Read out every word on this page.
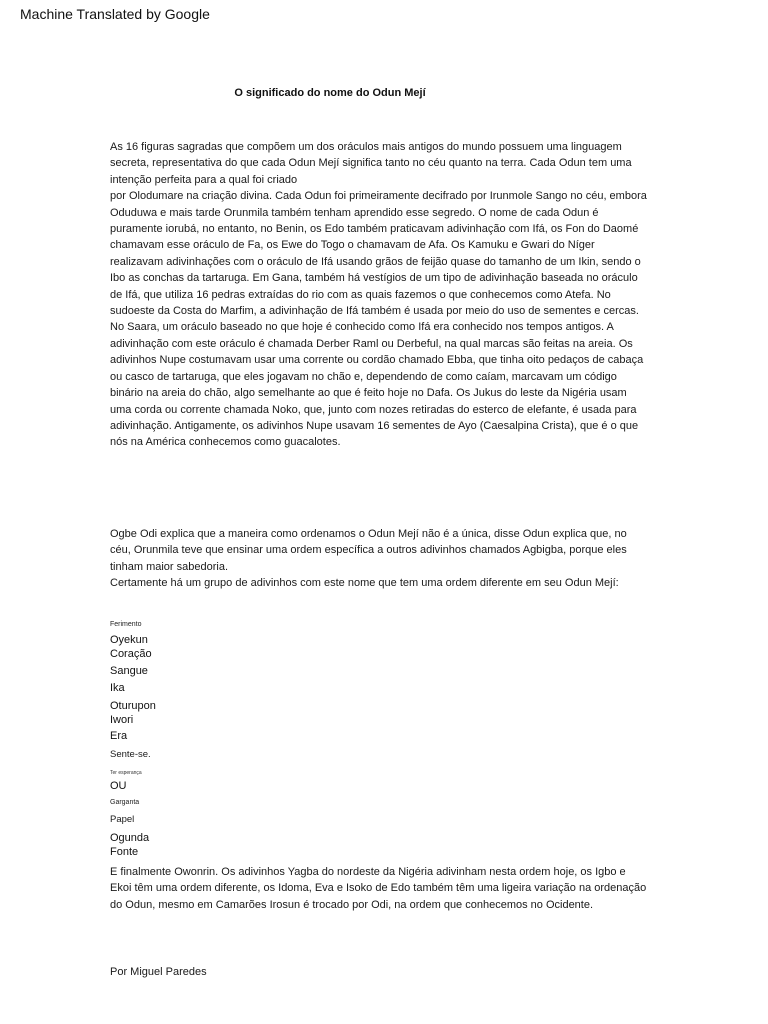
Machine Translated by Google
O significado do nome do Odun Mejí

As 16 figuras sagradas que compõem um dos oráculos mais antigos do mundo possuem uma linguagem

secreta, representativa do que cada Odun Mejí significa tanto no céu quanto na terra. Cada Odun tem uma

intenção perfeita para a qual foi criado

por Olodumare na criação divina. Cada Odun foi primeiramente decifrado por Irunmole Sango no céu, embora

Oduduwa e mais tarde Orunmila também tenham aprendido esse segredo. O nome de cada Odun é

puramente iorubá, no entanto, no Benin, os Edo também praticavam adivinhação com Ifá, os Fon do Daomé

chamavam esse oráculo de Fa, os Ewe do Togo o chamavam de Afa. Os Kamuku e Gwari do Níger

realizavam adivinhações com o oráculo de Ifá usando grãos de feijão quase do tamanho de um Ikin, sendo o

Ibo as conchas da tartaruga. Em Gana, também há vestígios de um tipo de adivinhação baseada no oráculo

de Ifá, que utiliza 16 pedras extraídas do rio com as quais fazemos o que conhecemos como Atefa. No

sudoeste da Costa do Marfim, a adivinhação de Ifá também é usada por meio do uso de sementes e cercas.

No Saara, um oráculo baseado no que hoje é conhecido como Ifá era conhecido nos tempos antigos. A

adivinhação com este oráculo é chamada Derber Raml ou Derbeful, na qual marcas são feitas na areia. Os

adivinhos Nupe costumavam usar uma corrente ou cordão chamado Ebba, que tinha oito pedaços de cabaça

ou casco de tartaruga, que eles jogavam no chão e, dependendo de como caíam, marcavam um código

binário na areia do chão, algo semelhante ao que é feito hoje no Dafa. Os Jukus do leste da Nigéria usam

uma corda ou corrente chamada Noko, que, junto com nozes retiradas do esterco de elefante, é usada para

adivinhação. Antigamente, os adivinhos Nupe usavam 16 sementes de Ayo (Caesalpina Crista), que é o que

nós na América conhecemos como guacalotes.

Ogbe Odi explica que a maneira como ordenamos o Odun Mejí não é a única, disse Odun explica que, no

céu, Orunmila teve que ensinar uma ordem específica a outros adivinhos chamados Agbigba, porque eles

tinham maior sabedoria.

Certamente há um grupo de adivinhos com este nome que tem uma ordem diferente em seu Odun Mejí:

Ferimento
Oyekun
Coração
Sangue
Ika
Oturupon
Iwori
Era
Sente-se.
Ter esperança
OU
Garganta
Papel
Ogunda
Fonte

E finalmente Owonrin. Os adivinhos Yagba do nordeste da Nigéria adivinham nesta ordem hoje, os Igbo e

Ekoi têm uma ordem diferente, os Idoma, Eva e Isoko de Edo também têm uma ligeira variação na ordenação

do Odun, mesmo em Camarões Irosun é trocado por Odi, na ordem que conhecemos no Ocidente.

Por Miguel Paredes
